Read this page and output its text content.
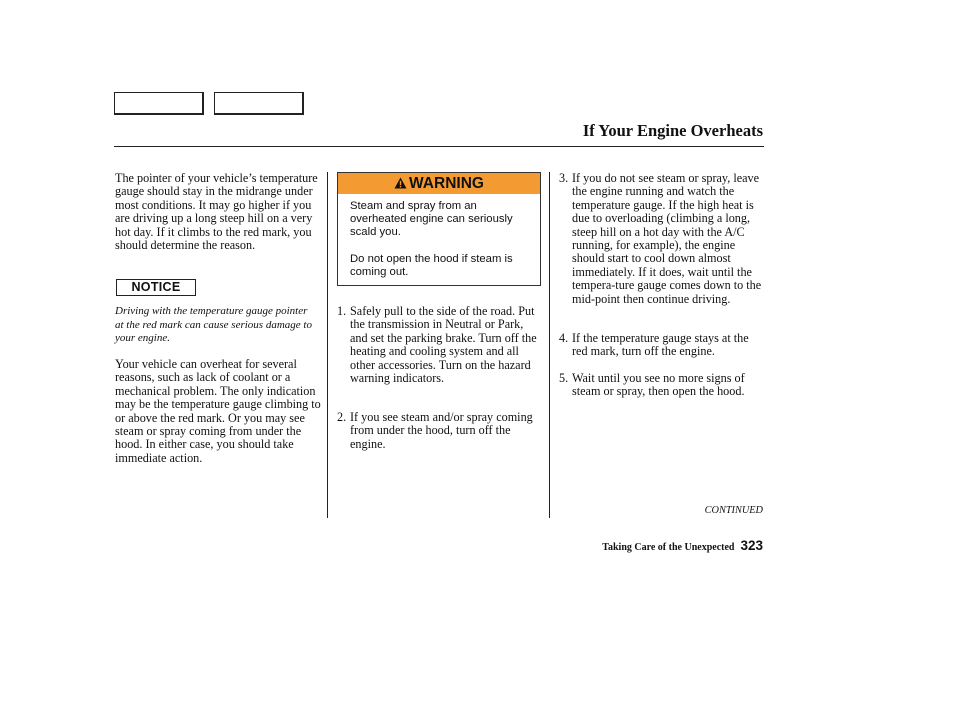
If Your Engine Overheats

The pointer of your vehicle’s temperature gauge should stay in the midrange under most conditions. It may go higher if you are driving up a long steep hill on a very hot day. If it climbs to the red mark, you should determine the reason.

NOTICE

Driving with the temperature gauge pointer at the red mark can cause serious damage to your engine.

Your vehicle can overheat for several reasons, such as lack of coolant or a mechanical problem. The only indication may be the temperature gauge climbing to or above the red mark. Or you may see steam or spray coming from under the hood. In either case, you should take immediate action.

WARNING

Steam and spray from an overheated engine can seriously scald you.

Do not open the hood if steam is coming out.

1. Safely pull to the side of the road. Put the transmission in Neutral or Park, and set the parking brake. Turn off the heating and cooling system and all other accessories. Turn on the hazard warning indicators.
2. If you see steam and/or spray coming from under the hood, turn off the engine.
3. If you do not see steam or spray, leave the engine running and watch the temperature gauge. If the high heat is due to overloading (climbing a long, steep hill on a hot day with the A/C running, for example), the engine should start to cool down almost immediately. If it does, wait until the tempera-ture gauge comes down to the mid-point then continue driving.
4. If the temperature gauge stays at the red mark, turn off the engine.
5. Wait until you see no more signs of steam or spray, then open the hood.
CONTINUED
Taking Care of the Unexpected 323
